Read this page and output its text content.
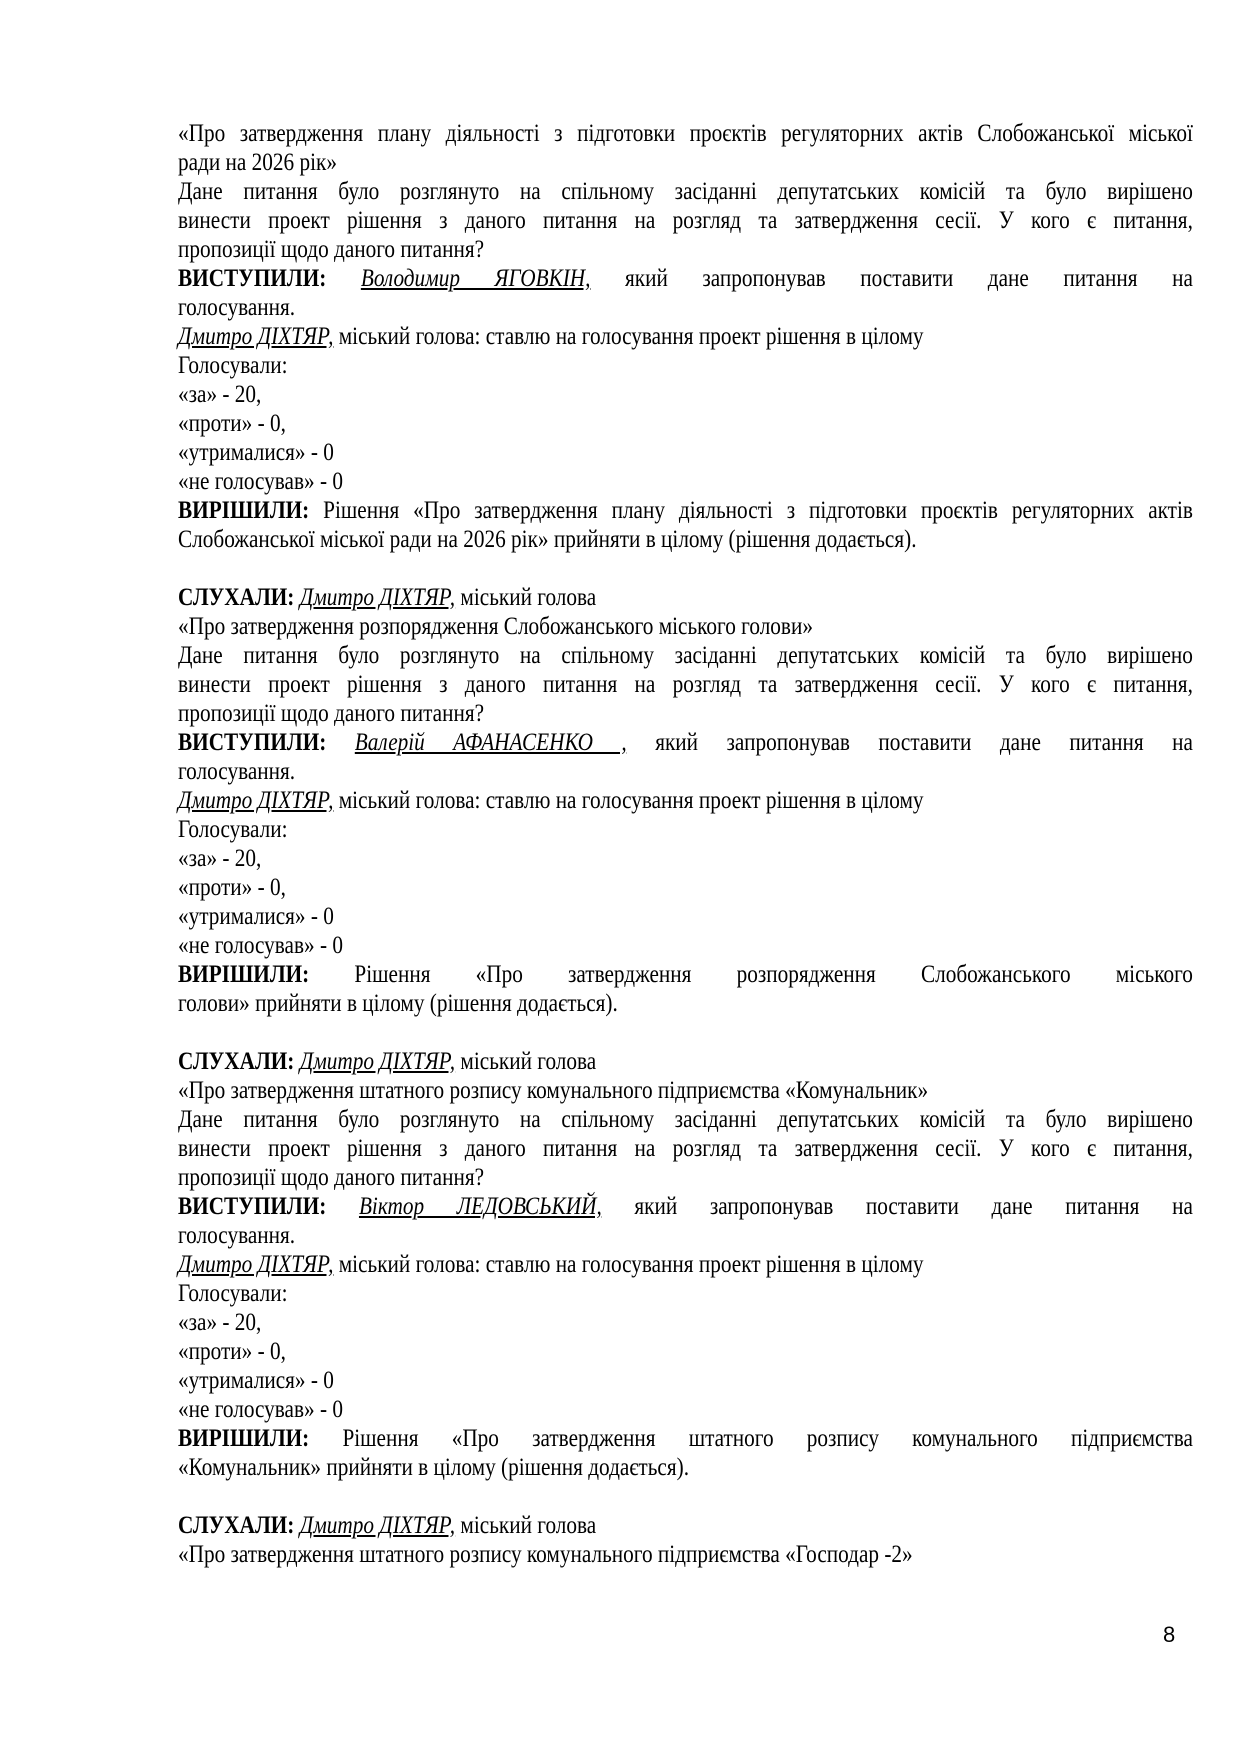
«Про затвердження плану діяльності з підготовки проєктів регуляторних актів Слобожанської міської
ради на 2026 рік»
Дане питання було розглянуто на спільному засіданні депутатських комісій та було вирішено
винести проект рішення з даного питання на розгляд та затвердження сесії. У кого є питання,
пропозиції щодо даного питання?
ВИСТУПИЛИ: Володимир ЯГОВКІН, який запропонував поставити дане питання на
голосування.
Дмитро ДІХТЯР, міський голова: ставлю на голосування проект рішення в цілому
Голосували:
«за» - 20,
«проти» - 0,
«утрималися» - 0
«не голосував» - 0
ВИРІШИЛИ: Рішення «Про затвердження плану діяльності з підготовки проєктів регуляторних актів
Слобожанської міської ради на 2026 рік» прийняти в цілому (рішення додається).

СЛУХАЛИ: Дмитро ДІХТЯР, міський голова
«Про затвердження розпорядження Слобожанського міського голови»
Дане питання було розглянуто на спільному засіданні депутатських комісій та було вирішено
винести проект рішення з даного питання на розгляд та затвердження сесії. У кого є питання,
пропозиції щодо даного питання?
ВИСТУПИЛИ: Валерій АФАНАСЕНКО , який запропонував поставити дане питання на
голосування.
Дмитро ДІХТЯР, міський голова: ставлю на голосування проект рішення в цілому
Голосували:
«за» - 20,
«проти» - 0,
«утрималися» - 0
«не голосував» - 0
ВИРІШИЛИ: Рішення «Про затвердження розпорядження Слобожанського міського
голови» прийняти в цілому (рішення додається).

СЛУХАЛИ: Дмитро ДІХТЯР, міський голова
«Про затвердження штатного розпису комунального підприємства «Комунальник»
Дане питання було розглянуто на спільному засіданні депутатських комісій та було вирішено
винести проект рішення з даного питання на розгляд та затвердження сесії. У кого є питання,
пропозиції щодо даного питання?
ВИСТУПИЛИ: Віктор ЛЕДОВСЬКИЙ, який запропонував поставити дане питання на
голосування.
Дмитро ДІХТЯР, міський голова: ставлю на голосування проект рішення в цілому
Голосували:
«за» - 20,
«проти» - 0,
«утрималися» - 0
«не голосував» - 0
ВИРІШИЛИ: Рішення «Про затвердження штатного розпису комунального підприємства
«Комунальник» прийняти в цілому (рішення додається).

СЛУХАЛИ: Дмитро ДІХТЯР, міський голова
«Про затвердження штатного розпису комунального підприємства «Господар -2»
8
